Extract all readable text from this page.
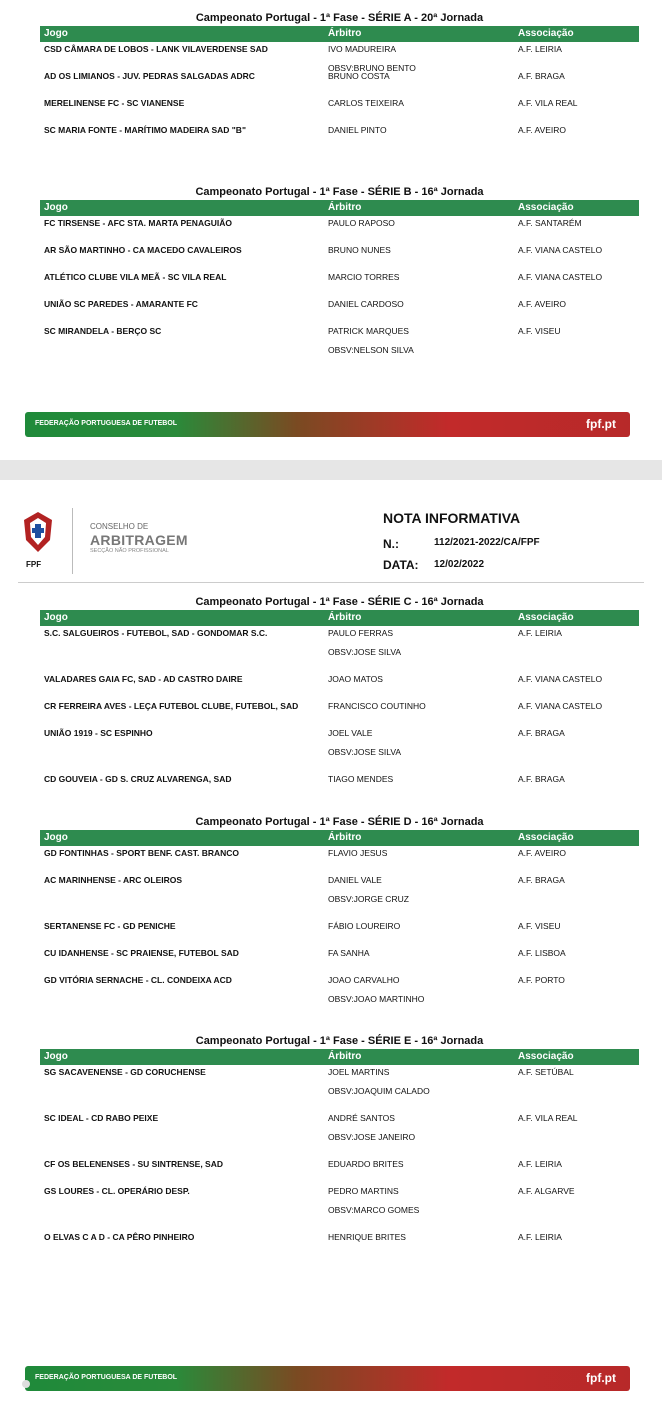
Campeonato Portugal - 1ª Fase - SÉRIE A - 20ª Jornada
Jogo	Árbitro	Associação
CSD CÂMARA DE LOBOS - LANK VILAVERDENSE SAD	IVO MADUREIRA	A.F. LEIRIA
OBSV:BRUNO BENTO
AD OS LIMIANOS - JUV. PEDRAS SALGADAS ADRC	BRUNO COSTA	A.F. BRAGA
MERELINENSE FC - SC VIANENSE	CARLOS TEIXEIRA	A.F. VILA REAL
SC MARIA FONTE - MARÍTIMO MADEIRA SAD "B"	DANIEL PINTO	A.F. AVEIRO
Campeonato Portugal - 1ª Fase - SÉRIE B - 16ª Jornada
Jogo	Árbitro	Associação
FC TIRSENSE - AFC STA. MARTA PENAGUIÃO	PAULO RAPOSO	A.F. SANTARÉM
AR SÃO MARTINHO - CA MACEDO CAVALEIROS	BRUNO NUNES	A.F. VIANA CASTELO
ATLÉTICO CLUBE VILA MEÃ - SC VILA REAL	MARCIO TORRES	A.F. VIANA CASTELO
UNIÃO SC PAREDES - AMARANTE FC	DANIEL CARDOSO	A.F. AVEIRO
SC MIRANDELA - BERÇO SC	PATRICK MARQUES	A.F. VISEU
OBSV:NELSON SILVA
FEDERAÇÃO PORTUGUESA DE FUTEBOL	fpf.pt
FPF
CONSELHO DE
ARBITRAGEM
SECÇÃO NÃO PROFISSIONAL
NOTA INFORMATIVA
N.:	112/2021-2022/CA/FPF
DATA: 12/02/2022
Campeonato Portugal - 1ª Fase - SÉRIE C - 16ª Jornada
Jogo	Árbitro	Associação
S.C. SALGUEIROS - FUTEBOL, SAD - GONDOMAR S.C.	PAULO FERRAS	A.F. LEIRIA
OBSV:JOSE SILVA
VALADARES GAIA FC, SAD - AD CASTRO DAIRE	JOAO MATOS	A.F. VIANA CASTELO
CR FERREIRA AVES - LEÇA FUTEBOL CLUBE, FUTEBOL, SAD	FRANCISCO COUTINHO	A.F. VIANA CASTELO
UNIÃO 1919 - SC ESPINHO	JOEL VALE	A.F. BRAGA
OBSV:JOSE SILVA
CD GOUVEIA - GD S. CRUZ ALVARENGA, SAD	TIAGO MENDES	A.F. BRAGA
Campeonato Portugal - 1ª Fase - SÉRIE D - 16ª Jornada
Jogo	Árbitro	Associação
GD FONTINHAS - SPORT BENF. CAST. BRANCO	FLAVIO JESUS	A.F. AVEIRO
AC MARINHENSE - ARC OLEIROS	DANIEL VALE	A.F. BRAGA
OBSV:JORGE CRUZ
SERTANENSE FC - GD PENICHE	FÁBIO LOUREIRO	A.F. VISEU
CU IDANHENSE - SC PRAIENSE, FUTEBOL SAD	FA SANHA	A.F. LISBOA
GD VITÓRIA SERNACHE - CL. CONDEIXA ACD	JOAO CARVALHO	A.F. PORTO
OBSV:JOAO MARTINHO
Campeonato Portugal - 1ª Fase - SÉRIE E - 16ª Jornada
Jogo	Árbitro	Associação
SG SACAVENENSE - GD CORUCHENSE	JOEL MARTINS	A.F. SETÚBAL
OBSV:JOAQUIM CALADO
SC IDEAL - CD RABO PEIXE	ANDRÉ SANTOS	A.F. VILA REAL
OBSV:JOSE JANEIRO
CF OS BELENENSES - SU SINTRENSE, SAD	EDUARDO BRITES	A.F. LEIRIA
GS LOURES - CL. OPERÁRIO DESP.	PEDRO MARTINS	A.F. ALGARVE
OBSV:MARCO GOMES
O ELVAS C A D - CA PÊRO PINHEIRO	HENRIQUE BRITES	A.F. LEIRIA
FEDERAÇÃO PORTUGUESA DE FUTEBOL	fpf.pt
